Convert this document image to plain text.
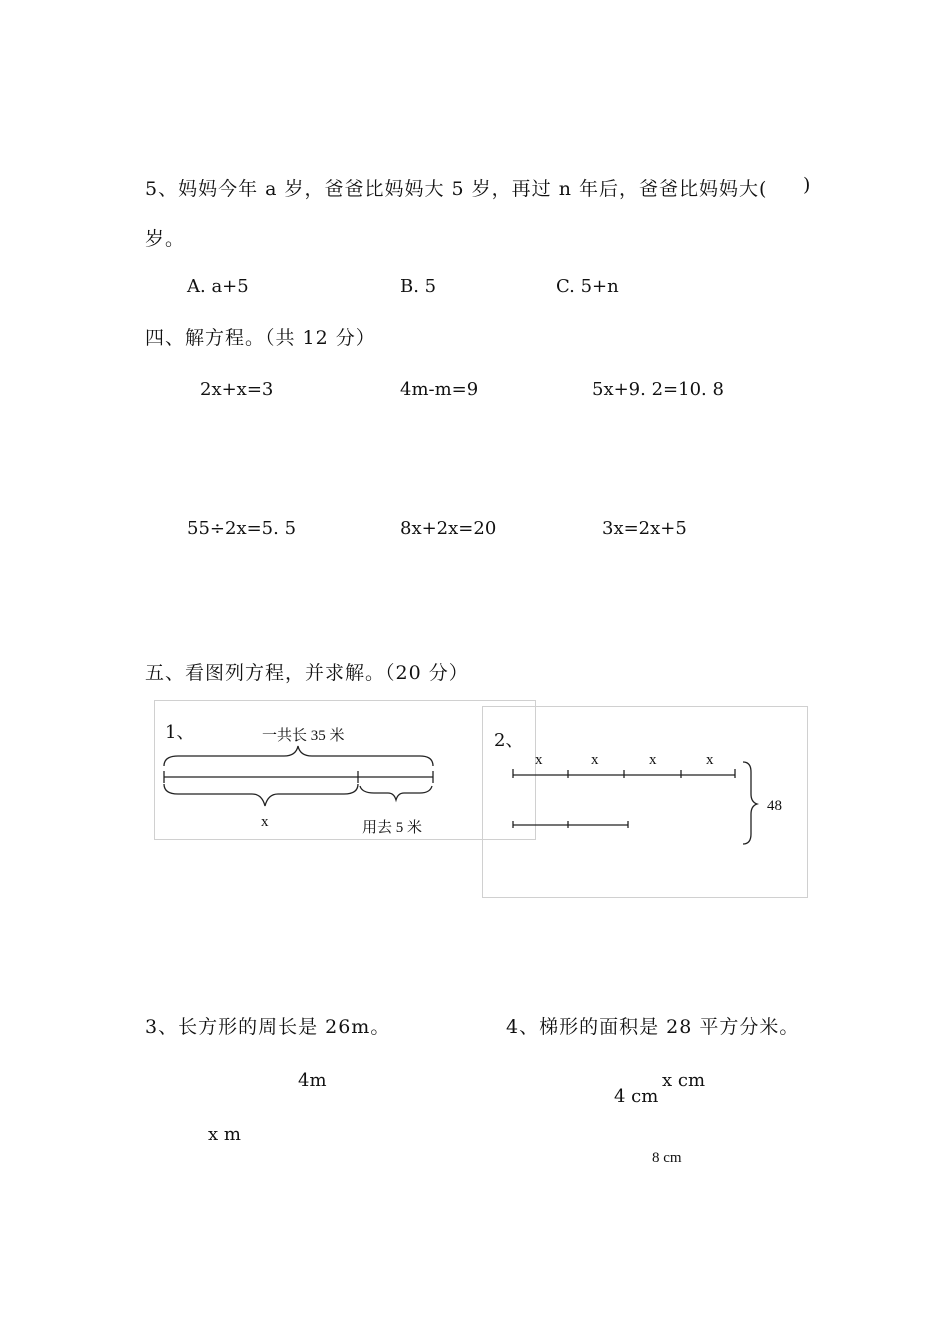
5、妈妈今年 a 岁，爸爸比妈妈大 5 岁，再过 n 年后，爸爸比妈妈大( )
岁。
A. a+5	B. 5	C. 5+n
四、解方程。（共 12 分）
2x+x=3	4m-m=9	5x+9. 2=10. 8
55÷2x=5. 5	8x+2x=20	3x=2x+5
五、看图列方程，并求解。（20 分）
1、	一共长 35 米
x	用去 5 米
2、
x	x	x	x
48
3、长方形的周长是 26m。	4、梯形的面积是 28 平方分米。
4m
x m
x cm
4 cm
8 cm
